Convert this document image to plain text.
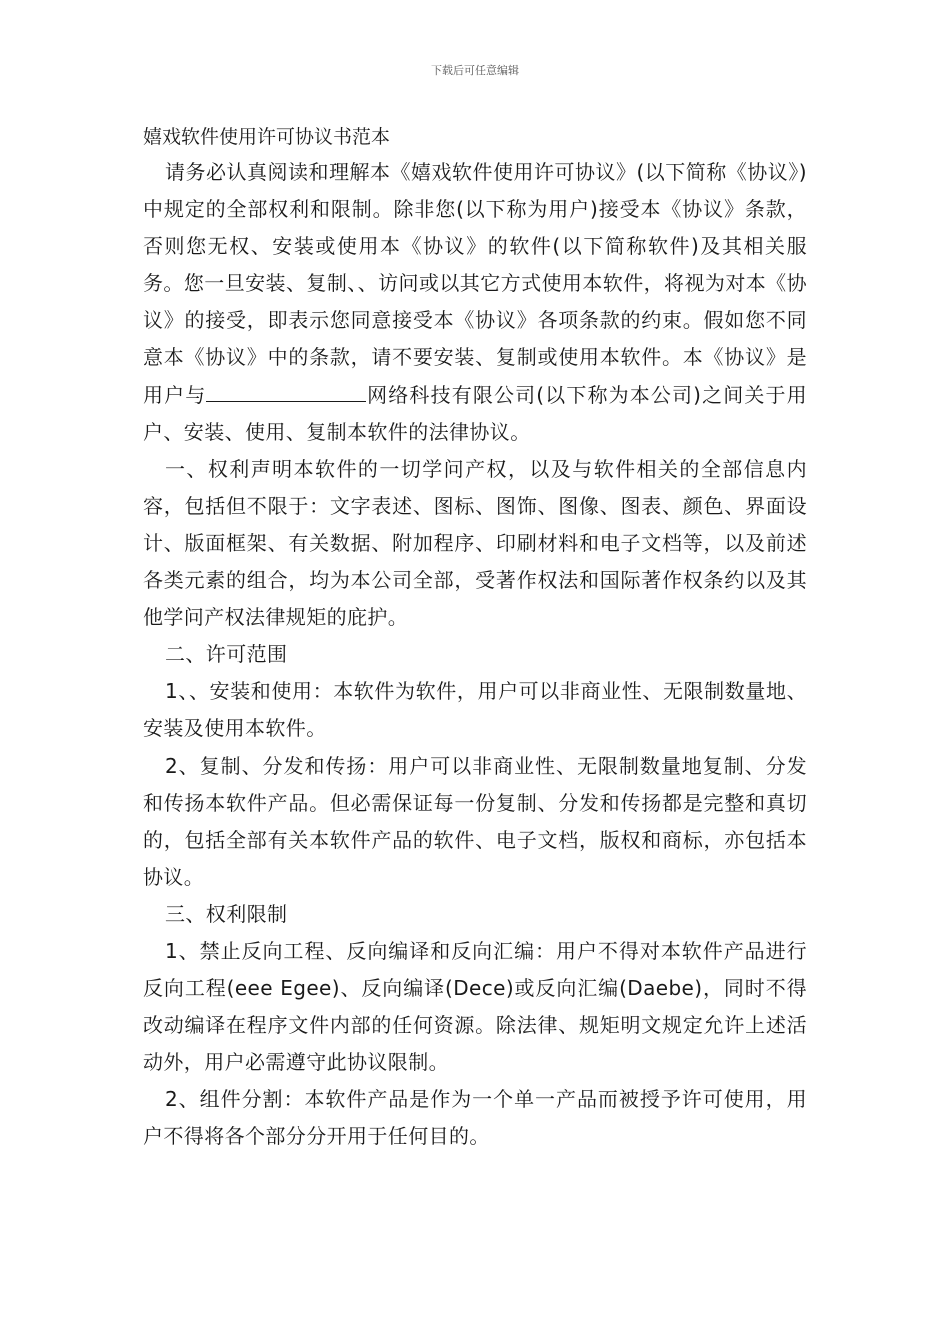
下载后可任意编辑

嬉戏软件使用许可协议书范本

请务必认真阅读和理解本《嬉戏软件使用许可协议》(以下简称《协议》)中规定的全部权利和限制。除非您(以下称为用户)接受本《协议》条款，否则您无权、安装或使用本《协议》的软件(以下简称软件)及其相关服务。您一旦安装、复制、、访问或以其它方式使用本软件，将视为对本《协议》的接受，即表示您同意接受本《协议》各项条款的约束。假如您不同意本《协议》中的条款，请不要安装、复制或使用本软件。本《协议》是用户与	网络科技有限公司(以下称为本公司)之间关于用户、安装、使用、复制本软件的法律协议。

一、权利声明本软件的一切学问产权，以及与软件相关的全部信息内容，包括但不限于：文字表述、图标、图饰、图像、图表、颜色、界面设计、版面框架、有关数据、附加程序、印刷材料和电子文档等，以及前述各类元素的组合，均为本公司全部，受著作权法和国际著作权条约以及其他学问产权法律规矩的庇护。

二、许可范围

1、、安装和使用：本软件为软件，用户可以非商业性、无限制数量地、安装及使用本软件。

2、复制、分发和传扬：用户可以非商业性、无限制数量地复制、分发和传扬本软件产品。但必需保证每一份复制、分发和传扬都是完整和真切的，包括全部有关本软件产品的软件、电子文档，版权和商标，亦包括本协议。

三、权利限制

1、禁止反向工程、反向编译和反向汇编：用户不得对本软件产品进行反向工程(eee Egee)、反向编译(Dece)或反向汇编(Daebe)，同时不得改动编译在程序文件内部的任何资源。除法律、规矩明文规定允许上述活动外，用户必需遵守此协议限制。

2、组件分割：本软件产品是作为一个单一产品而被授予许可使用，用户不得将各个部分分开用于任何目的。
